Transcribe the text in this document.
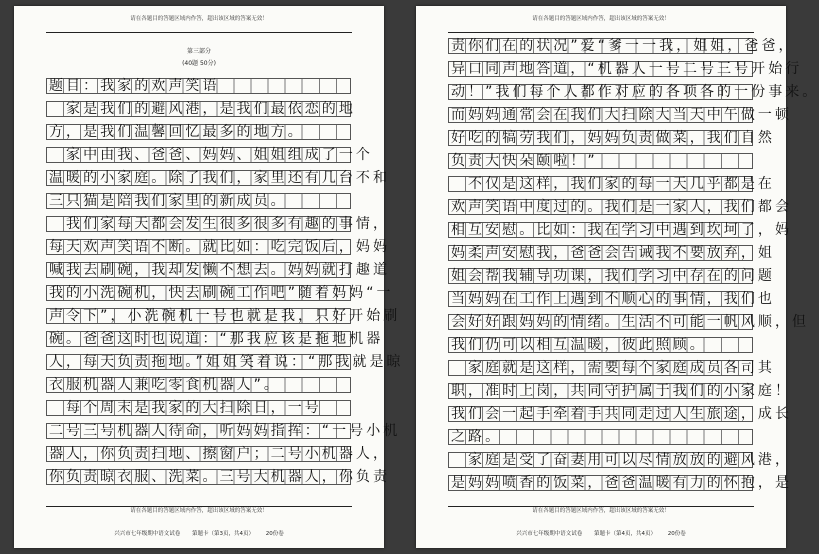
请在各题目的答题区域内作答，超出该区域的答案无效！
第三部分
(40题 50分)
题目：我家的欢声笑语
　家是我们的避风港，是我们最依恋的地
方，是我们温馨回忆最多的地方。
　家中由我、爸爸、妈妈、姐姐组成了一个
温暖的小家庭。除了我们，家里还有几台不和
三只猫是陪我们家里的新成员。
　我们家每天都会发生很多很多有趣的事情，
每天欢声笑语不断。就比如：吃完饭后，妈妈
喊我去刷碗，我却发懒不想去。妈妈就打趣道
我的小洗碗机，快去刷碗工作吧”随着妈妈“一
声令下”，小洗碗机一号也就是我，只好开始刷
碗。爸爸这时也说道：“那我应该是拖地机器
人，每天负责拖地。”姐姐笑着说：“那我就是晾
衣服机器人兼吃零食机器人”。
　每个周末是我家的大扫除日，一号
二号三号机器人待命，听妈妈指挥：“一号小机
器人，你负责扫地、擦窗户；二号小机器人，
你负责晾衣服、洗菜。三号大机器人，你负责
请在各题目的答题区域内作答，超出该区域的答案无效！
兴兴市七年级期中语文试卷 第题卡（第3页，共4页） 20份卷
请在各题目的答题区域内作答，超出该区域的答案无效！
责你们在的状况”爱“爹一一我，姐姐，爸爸，
异口同声地答道，“机器人一号二号三号开始行
动！”我们每个人都作对应的各项各的一份事来。
而妈妈通常会在我们大扫除大当天中午做一顿
好吃的犒劳我们，妈妈负责做菜，我们自然
负责大快朵颐啦！”
　不仅是这样，我们家的每一天几乎都是在
欢声笑语中度过的。我们是一家人，我们都会
相互安慰。比如：我在学习中遇到坎坷了，妈
妈柔声安慰我，爸爸会告诫我不要放弃，姐
姐会帮我辅导功课，我们学习中存在的问题
当妈妈在工作上遇到不顺心的事情，我们也
会好好跟妈妈的情绪。生活不可能一帆风顺，但
我们仍可以相互温暖，彼此照顾。
　家庭就是这样，需要每个家庭成员各司其
职，准时上岗，共同守护属于我们的小家庭！
我们会一起手牵着手共同走过人生旅途，成长
之路。
　家庭是受了奋妻用可以尽情放放的避风港，
是妈妈喷香的饭菜，爸爸温暖有力的怀抱，是
请在各题目的答题区域内作答，超出该区域的答案无效！
兴兴市七年级期中语文试卷 第题卡（第4页，共4页） 20份卷
